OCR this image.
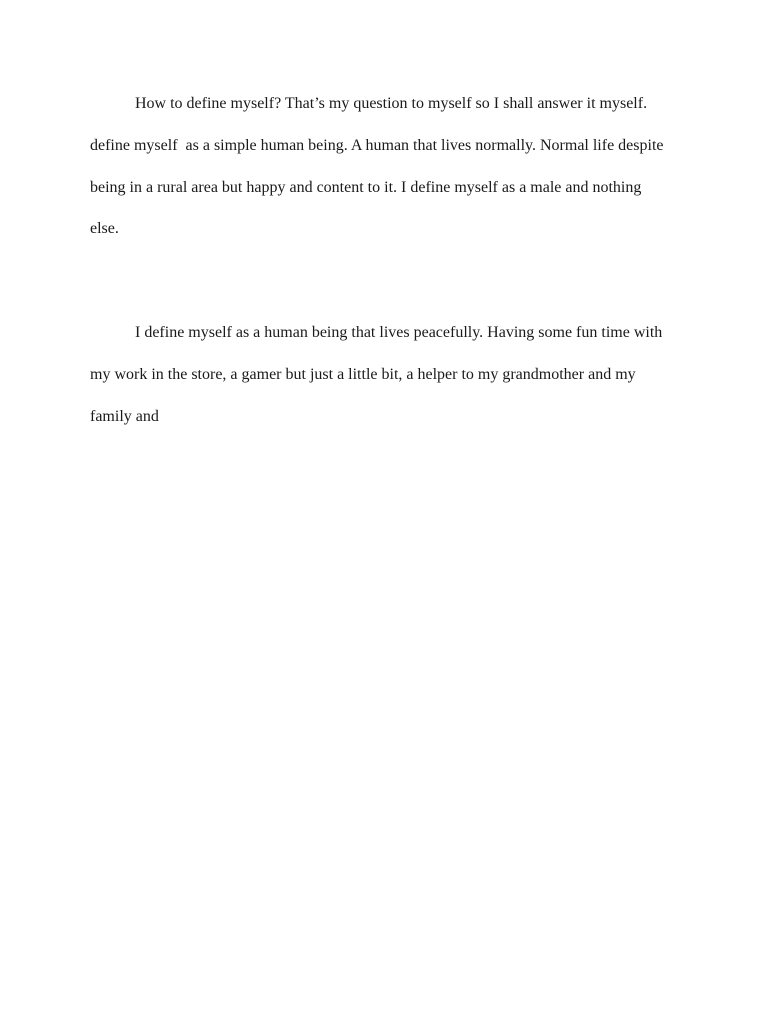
How to define myself? That’s my question to myself so I shall answer it myself. define myself  as a simple human being. A human that lives normally. Normal life despite being in a rural area but happy and content to it. I define myself as a male and nothing else.

I define myself as a human being that lives peacefully. Having some fun time with my work in the store, a gamer but just a little bit, a helper to my grandmother and my family and
